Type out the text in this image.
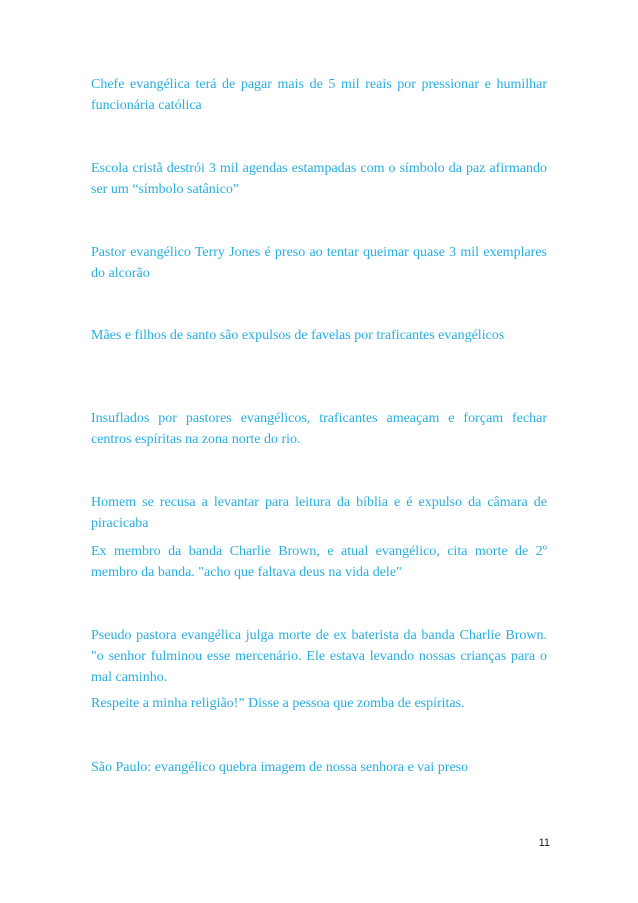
Chefe evangélica terá de pagar mais de 5 mil reais por pressionar e humilhar funcionária católica

Escola cristã destrói 3 mil agendas estampadas com o símbolo da paz afirmando ser um “símbolo satânico”

Pastor evangélico Terry Jones é preso ao tentar queimar quase 3 mil exemplares do alcorão

Mães e filhos de santo são expulsos de favelas por traficantes evangélicos

Insuflados por pastores evangélicos, traficantes ameaçam e forçam fechar centros espíritas na zona norte do rio.

Homem se recusa a levantar para leitura da bíblia e é expulso da câmara de piracicaba

Ex membro da banda Charlie Brown, e atual evangélico, cita morte de 2º membro da banda. "acho que faltava deus na vida dele"

Pseudo pastora evangélica julga morte de ex baterista da banda Charlie Brown. "o senhor fulminou esse mercenário. Ele estava levando nossas crianças para o mal caminho.

Respeite a minha religião!” Disse a pessoa que zomba de espíritas.

São Paulo: evangélico quebra imagem de nossa senhora e vai preso

11
